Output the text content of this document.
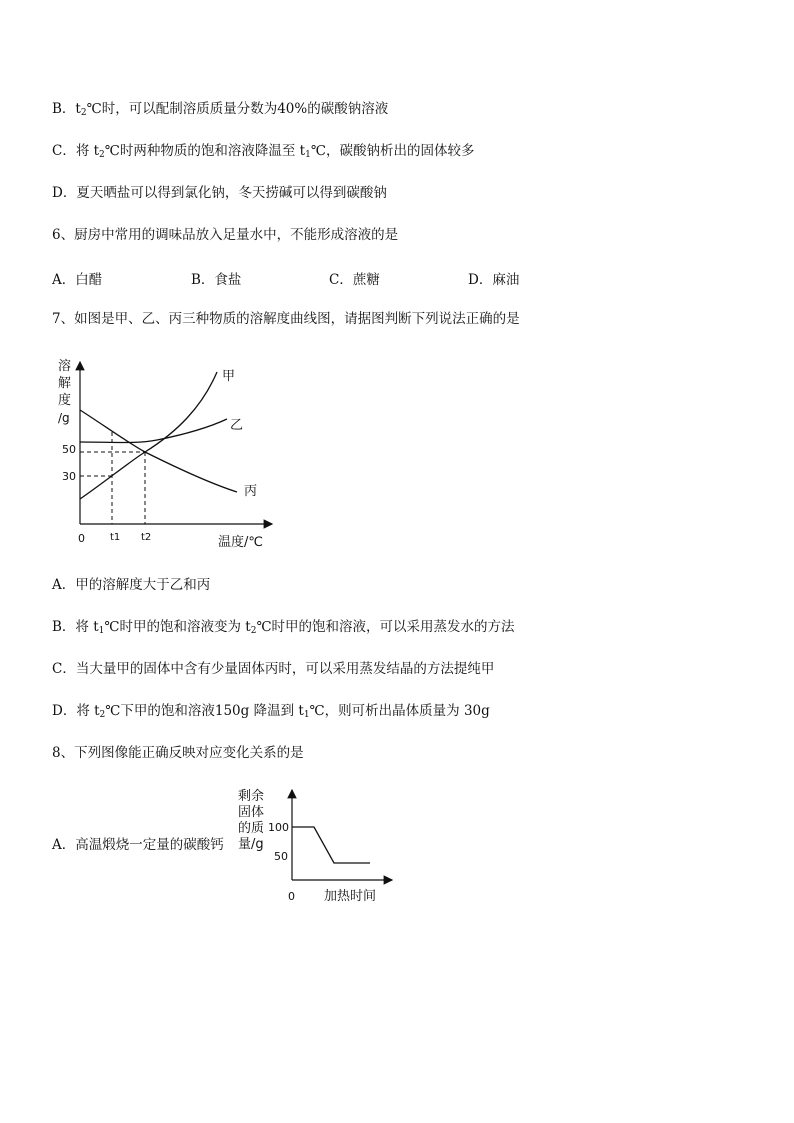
B．$t_2℃$时，可以配制溶质质量分数为40%的碳酸钠溶液
C．将 $t_2℃$时两种物质的饱和溶液降温至 $t_1℃$，碳酸钠析出的固体较多
D．夏天晒盐可以得到氯化钠，冬天捞碱可以得到碳酸钠
6、厨房中常用的调味品放入足量水中，不能形成溶液的是
A．白醋	B．食盐	C．蔗糖	D．麻油
7、如图是甲、乙、丙三种物质的溶解度曲线图，请据图判断下列说法正确的是
溶
解
度
/g
50
30
0	t1 t2	温度/℃
甲
乙
丙
A．甲的溶解度大于乙和丙
B．将 $t_1℃$时甲的饱和溶液变为 $t_2℃$时甲的饱和溶液，可以采用蒸发水的方法
C．当大量甲的固体中含有少量固体丙时，可以采用蒸发结晶的方法提纯甲
D．将 $t_2℃$下甲的饱和溶液150g 降温到 $t_1℃$，则可析出晶体质量为 30g
8、下列图像能正确反映对应变化关系的是
A．高温煅烧一定量的碳酸钙
剩余
固体
的质
量/g
100
50
0 加热时间
